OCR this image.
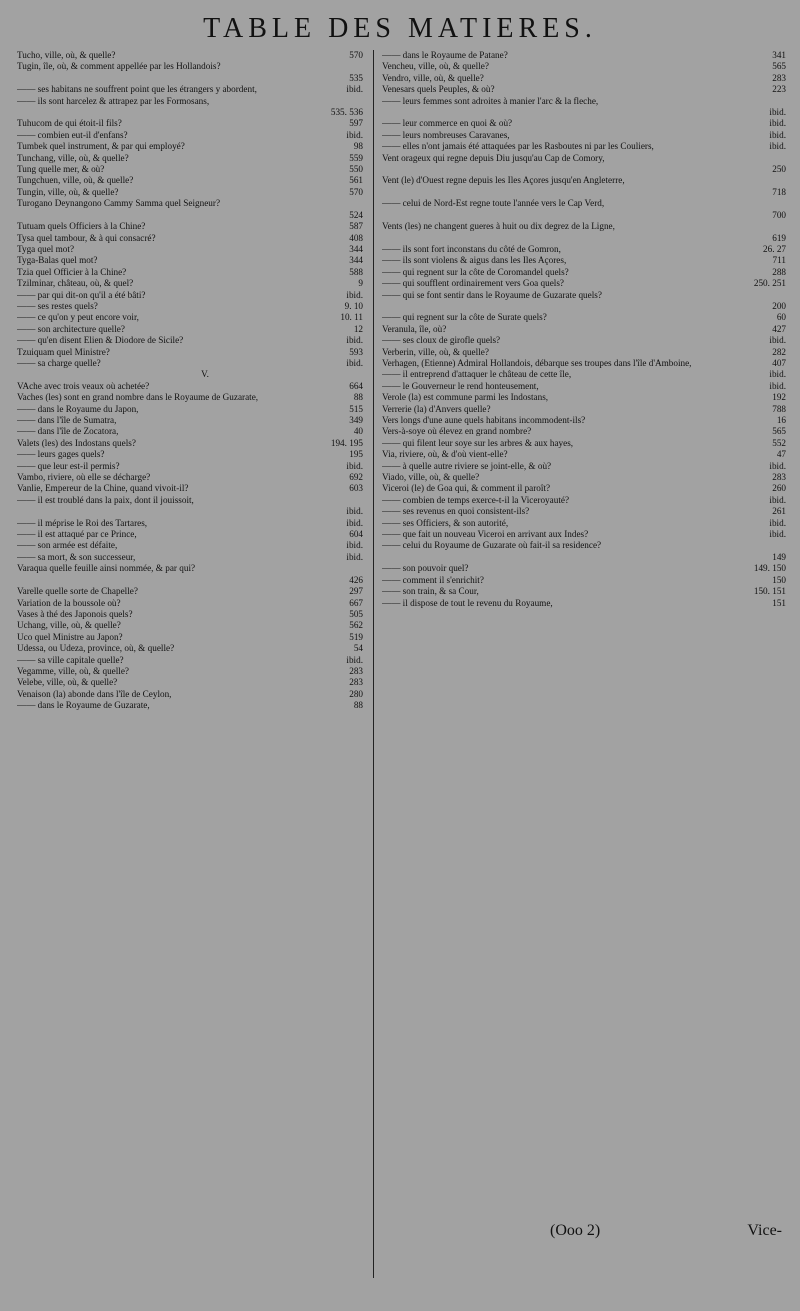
TABLE DES MATIERES.
Tucho, ville, où, & quelle?	570
Tugin, île, où, & comment appellée par les Hollandois?
535
—— ses habitans ne souffrent point que les étrangers y abordent,	ibid.
—— ils sont harcelez & attrapez par les Formosans,
535. 536
Tuhucom de qui étoit-il fils?	597
—— combien eut-il d'enfans?	ibid.
Tumbek quel instrument, & par qui employé?	98
Tunchang, ville, où, & quelle?	559
Tung quelle mer, & où?	550
Tungchuen, ville, où, & quelle?	561
Tungin, ville, où, & quelle?	570
Turogano Deynangono Cammy Samma quel Seigneur?
524
Tutuam quels Officiers à la Chine?	587
Tysa quel tambour, & à qui consacré?	408
Tyga quel mot?	344
Tyga-Balas quel mot?	344
Tzia quel Officier à la Chine?	588
Tzilminar, château, où, & quel?	9
—— par qui dit-on qu'il a été bâti?	ibid.
—— ses restes quels?	9. 10
—— ce qu'on y peut encore voir,	10. 11
—— son architecture quelle?	12
—— qu'en disent Elien & Diodore de Sicile?	ibid.
Tzuiquam quel Ministre?	593
—— sa charge quelle?	ibid.
V.
VAche avec trois veaux où achetée?	664
Vaches (les) sont en grand nombre dans le Royaume de Guzarate,	88
—— dans le Royaume du Japon,	515
—— dans l'île de Sumatra,	349
—— dans l'île de Zocatora,	40
Valets (les) des Indostans quels?	194. 195
—— leurs gages quels?	195
—— que leur est-il permis?	ibid.
Vambo, riviere, où elle se décharge?	692
Vanlie, Empereur de la Chine, quand vivoit-il?	603
—— il est troublé dans la paix, dont il jouissoit,
ibid.
—— il méprise le Roi des Tartares,	ibid.
—— il est attaqué par ce Prince,	604
—— son armée est défaite,	ibid.
—— sa mort, & son successeur,	ibid.
Varaqua quelle feuille ainsi nommée, & par qui?
426
Varelle quelle sorte de Chapelle?	297
Variation de la boussole où?	667
Vases à thé des Japonois quels?	505
Uchang, ville, où, & quelle?	562
Uco quel Ministre au Japon?	519
Udessa, ou Udeza, province, où, & quelle?	54
—— sa ville capitale quelle?	ibid.
Vegamme, ville, où, & quelle?	283
Velebe, ville, où, & quelle?	283
Venaison (la) abonde dans l'île de Ceylon,	280
—— dans le Royaume de Guzarate,	88
—— dans le Royaume de Patane?	341
Vencheu, ville, où, & quelle?	565
Vendro, ville, où, & quelle?	283
Venesars quels Peuples, & où?	223
—— leurs femmes sont adroites à manier l'arc & la fleche,
ibid.
—— leur commerce en quoi & où?	ibid.
—— leurs nombreuses Caravanes,	ibid.
—— elles n'ont jamais été attaquées par les Rasboutes ni par les Couliers,	ibid.
Vent orageux qui regne depuis Diu jusqu'au Cap de Comory,
250
Vent (le) d'Ouest regne depuis les Iles Açores jusqu'en Angleterre,
718
—— celui de Nord-Est regne toute l'année vers le Cap Verd,
700
Vents (les) ne changent gueres à huit ou dix degrez de la Ligne,
619
—— ils sont fort inconstans du côté de Gomron,	26. 27
—— ils sont violens & aigus dans les Iles Açores,	711
—— qui regnent sur la côte de Coromandel quels?	288
—— qui soufflent ordinairement vers Goa quels?	250. 251
—— qui se font sentir dans le Royaume de Guzarate quels?
200
—— qui regnent sur la côte de Surate quels?	60
Veranula, île, où?	427
—— ses cloux de girofle quels?	ibid.
Verberin, ville, où, & quelle?	282
Verhagen, (Etienne) Admiral Hollandois, débarque ses troupes dans l'île d'Amboine,	407
—— il entreprend d'attaquer le château de cette île,	ibid.
—— le Gouverneur le rend honteusement,	ibid.
Verole (la) est commune parmi les Indostans,	192
Verrerie (la) d'Anvers quelle?	788
Vers longs d'une aune quels habitans incommodent-ils?	16
Vers-à-soye où élevez en grand nombre?	565
—— qui filent leur soye sur les arbres & aux hayes,	552
Via, riviere, où, & d'où vient-elle?	47
—— à quelle autre riviere se joint-elle, & où?	ibid.
Viado, ville, où, & quelle?	283
Viceroi (le) de Goa qui, & comment il paroît?	260
—— combien de temps exerce-t-il la Viceroyauté?	ibid.
—— ses revenus en quoi consistent-ils?	261
—— ses Officiers, & son autorité,	ibid.
—— que fait un nouveau Viceroi en arrivant aux Indes?	ibid.
—— celui du Royaume de Guzarate où fait-il sa residence?
149
—— son pouvoir quel?	149. 150
—— comment il s'enrichit?	150
—— son train, & sa Cour,	150. 151
—— il dispose de tout le revenu du Royaume,	151
(Ooo 2)	Vice-
